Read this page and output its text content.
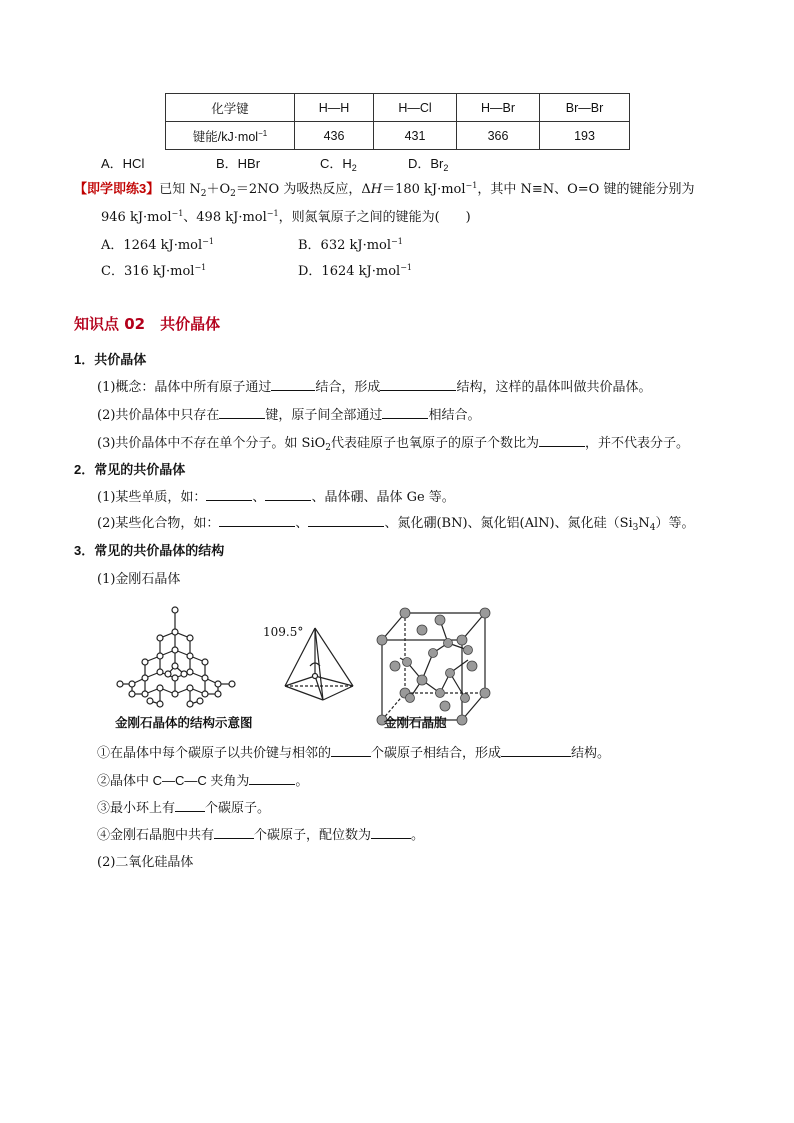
化学键	H—H	H—Cl	H—Br	Br—Br
键能/kJ·mol$^{-1}$	436	431	366	193
A．HCl	B．HBr	C．$H_2$	D．$Br_2$
【即学即练3】已知 $N_2+O_2=2NO$ 为吸热反应，ΔH＝180 kJ·mol$^{-1}$，其中 N≡N、O=O 键的键能分别为
946 kJ·mol$^{-1}$、498 kJ·mol$^{-1}$，则氮氧原子之间的键能为(　　)
A．1264 kJ·mol$^{-1}$	B．632 kJ·mol$^{-1}$
C．316 kJ·mol$^{-1}$	D．1624 kJ·mol$^{-1}$
知识点 02　共价晶体
1．共价晶体
(1)概念：晶体中所有原子通过	结合，形成	结构，这样的晶体叫做共价晶体。
(2)共价晶体中只存在	键，原子间全部通过	相结合。
(3)共价晶体中不存在单个分子。如 SiO$_2$代表硅原子也氧原子的原子个数比为	，并不代表分子。
2．常见的共价晶体
(1)某些单质，如：	、	、晶体硼、晶体 Ge 等。
(2)某些化合物，如：	、	、氮化硼(BN)、氮化铝(AlN)、氮化硅$(Si_3N_4)$等。
3．常见的共价晶体的结构
(1)金刚石晶体
109.5°
金刚石晶体的结构示意图	金刚石晶胞
①在晶体中每个碳原子以共价键与相邻的	个碳原子相结合，形成	结构。
②晶体中 C—C—C 夹角为	。
③最小环上有 个碳原子。
④金刚石晶胞中共有	个碳原子，配位数为	。
(2)二氧化硅晶体
